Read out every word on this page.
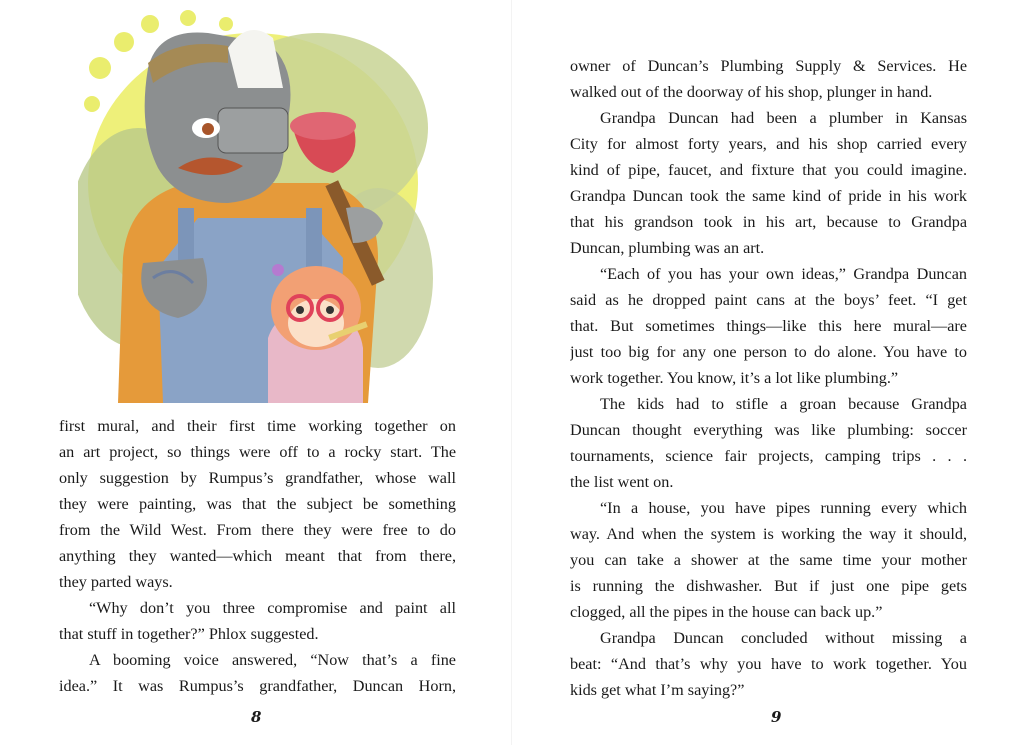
first mural, and their first time working together on
an art project, so things were off to a rocky start. The
only suggestion by Rumpus’s grandfather, whose wall
they were painting, was that the subject be something
from the Wild West. From there they were free to do
anything they wanted—which meant that from there,
they parted ways.
“Why don’t you three compromise and paint all
that stuff in together?” Phlox suggested.
A booming voice answered, “Now that’s a fine
idea.” It was Rumpus’s grandfather, Duncan Horn,
8
owner of Duncan’s Plumbing Supply & Services. He
walked out of the doorway of his shop, plunger in hand.
Grandpa Duncan had been a plumber in Kansas
City for almost forty years, and his shop carried every
kind of pipe, faucet, and fixture that you could imagine.
Grandpa Duncan took the same kind of pride in his work
that his grandson took in his art, because to Grandpa
Duncan, plumbing was an art.
“Each of you has your own ideas,” Grandpa Duncan
said as he dropped paint cans at the boys’ feet. “I get
that. But sometimes things—like this here mural—are
just too big for any one person to do alone. You have to
work together. You know, it’s a lot like plumbing.”
The kids had to stifle a groan because Grandpa
Duncan thought everything was like plumbing: soccer
tournaments, science fair projects, camping trips . . .
the list went on.
“In a house, you have pipes running every which
way. And when the system is working the way it should,
you can take a shower at the same time your mother
is running the dishwasher. But if just one pipe gets
clogged, all the pipes in the house can back up.”
Grandpa Duncan concluded without missing a
beat: “And that’s why you have to work together. You
kids get what I’m saying?”
9
